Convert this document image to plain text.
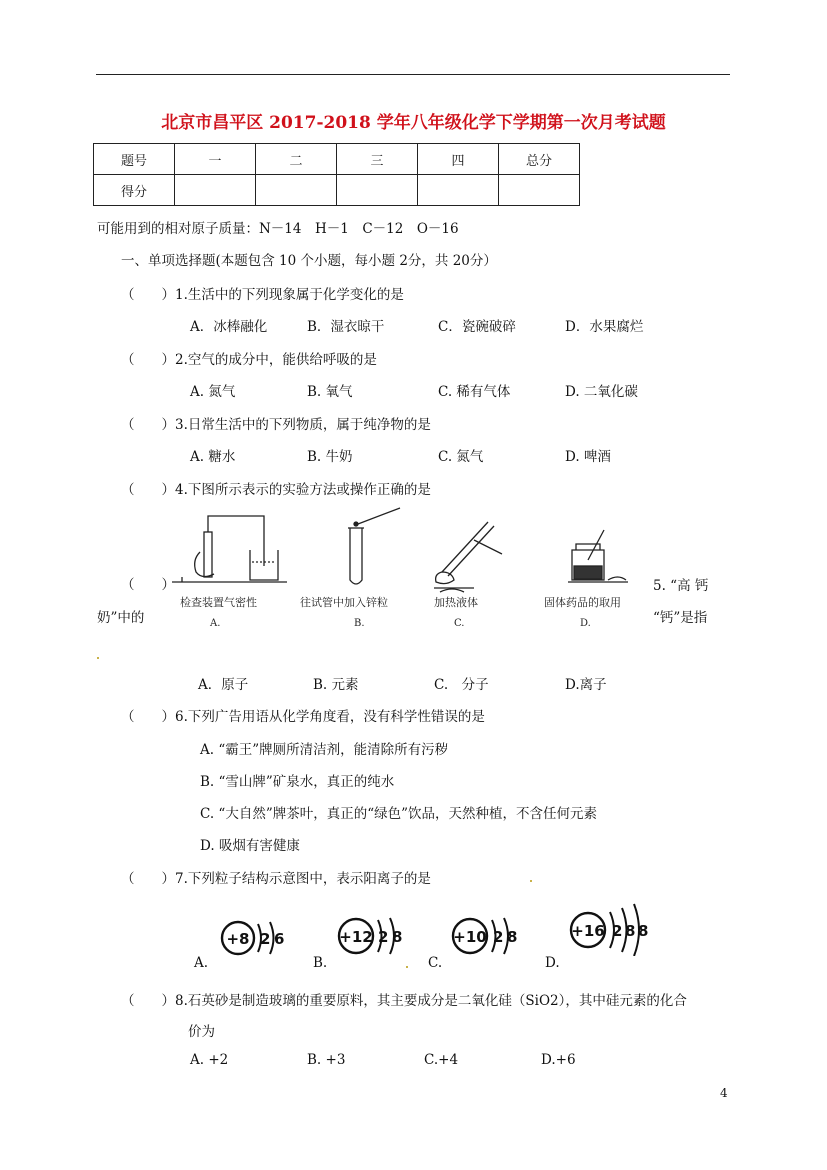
北京市昌平区 2017-2018 学年八年级化学下学期第一次月考试题
题号	一	二	三	四	总分
得分					
可能用到的相对原子质量：N－14　H－1　C－12　O－16
一、单项选择题(本题包含 10 个小题，每小题 2分，共 20分）
（　　）1.生活中的下列现象属于化学变化的是
A．冰棒融化	B．湿衣晾干	C．瓷碗破碎	D．水果腐烂
（　　）2.空气的成分中，能供给呼吸的是
A. 氮气	B. 氧气	C. 稀有气体	D. 二氧化碳
（　　）3.日常生活中的下列物质，属于纯净物的是
A. 糖水	B. 牛奶	C. 氮气	D. 啤酒
（　　）4.下图所示表示的实验方法或操作正确的是
检查装置气密性
A.
往试管中加入锌粒
B.
加热液体
C.
固体药品的取用
D.
（　　）	5. “高 钙
奶”中的	“钙”是指
A．原子	B. 元素	C.　分子	D.离子
（　　）6.下列广告用语从化学角度看，没有科学性错误的是
A. “霸王”牌厕所清洁剂，能清除所有污秽
B. “雪山牌”矿泉水，真正的纯水
C. “大自然”牌茶叶，真正的“绿色”饮品，天然种植，不含任何元素
D. 吸烟有害健康
（　　）7.下列粒子结构示意图中，表示阳离子的是
+8 2 6	+12 2 8	+10 2 8	+16 2 8 8
A.	B.	C.	D.
（　　）8.石英砂是制造玻璃的重要原料，其主要成分是二氧化硅（SiO2），其中硅元素的化合
价为
A. +2	B. +3	C.+4	D.+6
4
